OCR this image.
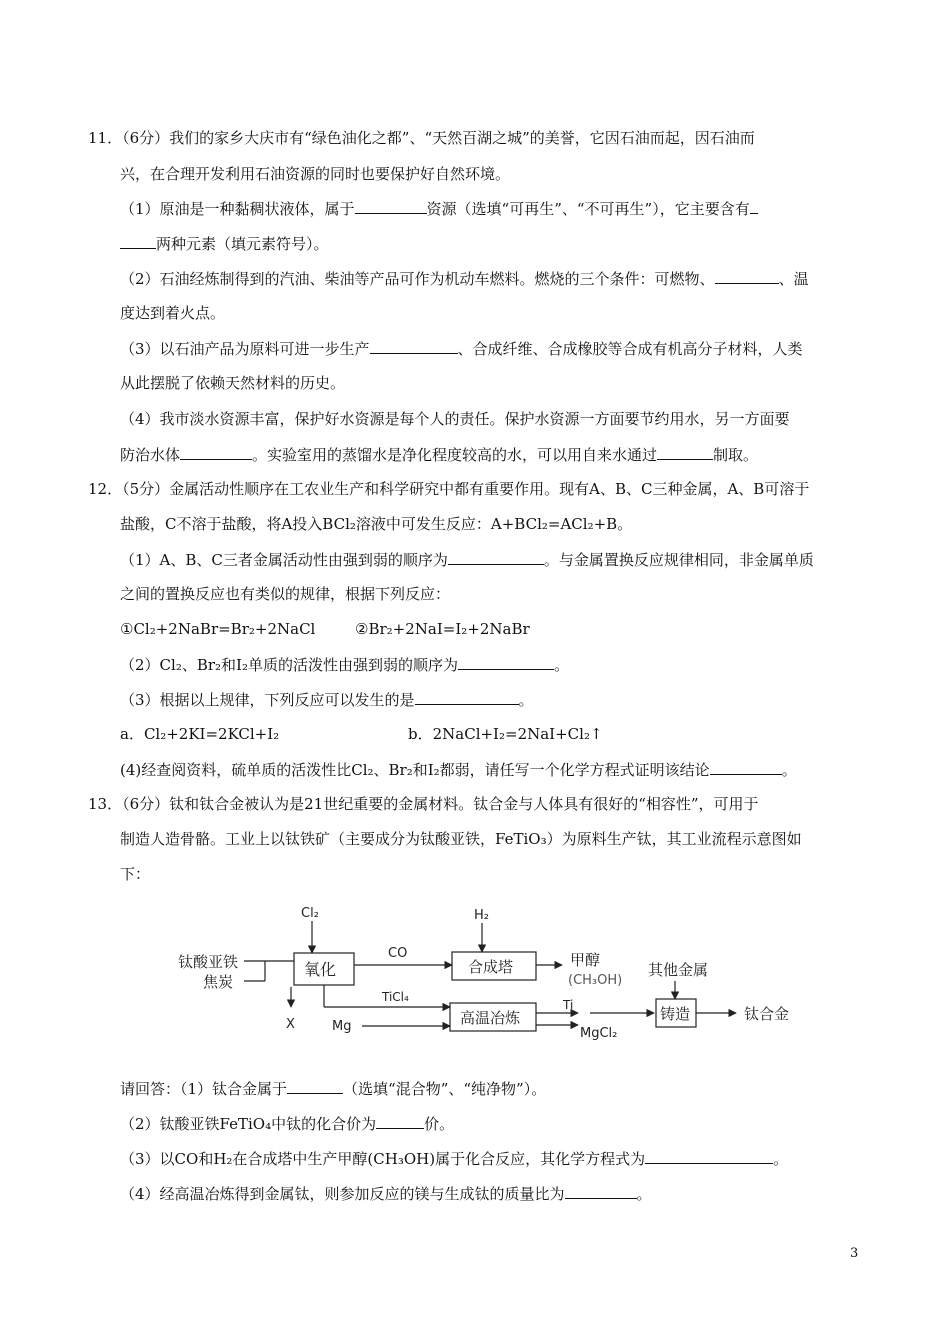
11．（6分）我们的家乡大庆市有“绿色油化之都”、“天然百湖之城”的美誉，它因石油而起，因石油而
兴，在合理开发利用石油资源的同时也要保护好自然环境。
（1）原油是一种黏稠状液体，属于	资源（选填“可再生”、“不可再生”），它主要含有
两种元素（填元素符号）。
（2）石油经炼制得到的汽油、柴油等产品可作为机动车燃料。燃烧的三个条件：可燃物、	、温
度达到着火点。
（3）以石油产品为原料可进一步生产	、合成纤维、合成橡胶等合成有机高分子材料，人类
从此摆脱了依赖天然材料的历史。
（4）我市淡水资源丰富，保护好水资源是每个人的责任。保护水资源一方面要节约用水，另一方面要
防治水体	。实验室用的蒸馏水是净化程度较高的水，可以用自来水通过	制取。
12．（5分）金属活动性顺序在工农业生产和科学研究中都有重要作用。现有A、B、C三种金属，A、B可溶于
盐酸，C不溶于盐酸，将A投入BCl₂溶液中可发生反应：A+BCl₂=ACl₂+B。
（1）A、B、C三者金属活动性由强到弱的顺序为	。与金属置换反应规律相同，非金属单质
之间的置换反应也有类似的规律，根据下列反应：
①Cl₂+2NaBr=Br₂+2NaCl	②Br₂+2NaI=I₂+2NaBr
（2）Cl₂、Br₂和I₂单质的活泼性由强到弱的顺序为	。
（3）根据以上规律，下列反应可以发生的是	。
a．Cl₂+2KI=2KCl+I₂	b．2NaCl+I₂=2NaI+Cl₂↑
(4)经查阅资料，硫单质的活泼性比Cl₂、Br₂和I₂都弱，请任写一个化学方程式证明该结论	。
13．（6分）钛和钛合金被认为是21世纪重要的金属材料。钛合金与人体具有很好的“相容性”，可用于
制造人造骨骼。工业上以钛铁矿（主要成分为钛酸亚铁，FeTiO₃）为原料生产钛，其工业流程示意图如
下：
钛酸亚铁
焦炭
Cl₂
氧化
X
CO
H₂
合成塔	甲醇
(CH₃OH)
TiCl₄
Mg	高温冶炼
Ti
MgCl₂
其他金属
铸造	钛合金
请回答：（1）钛合金属于	（选填“混合物”、“纯净物”）。
（2）钛酸亚铁FeTiO₄中钛的化合价为	价。
（3）以CO和H₂在合成塔中生产甲醇(CH₃OH)属于化合反应，其化学方程式为	。
（4）经高温冶炼得到金属钛，则参加反应的镁与生成钛的质量比为	。
3
